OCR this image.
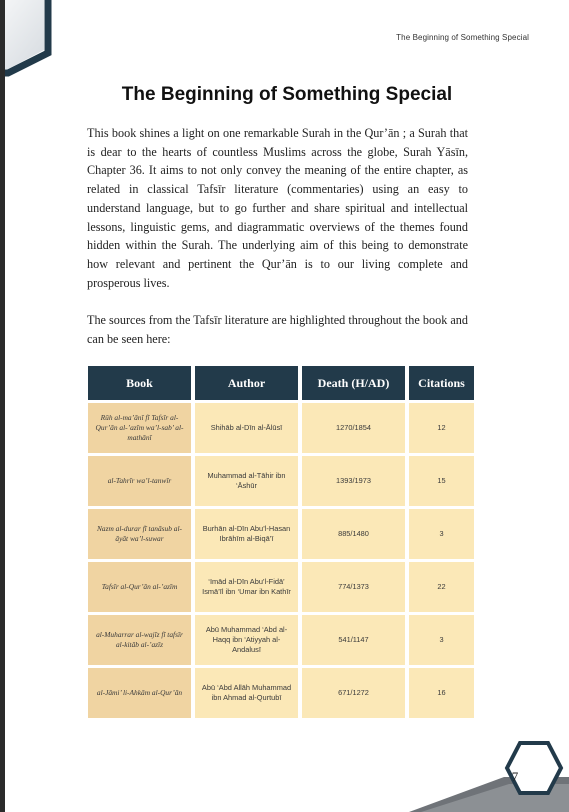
The Beginning of Something Special
The Beginning of Something Special

This book shines a light on one remarkable Surah in the Qur’ān ; a Surah that is dear to the hearts of countless Muslims across the globe, Surah Yāsīn, Chapter 36. It aims to not only convey the meaning of the entire chapter, as related in classical Tafsīr literature (commentaries) using an easy to understand language, but to go further and share spiritual and intellectual lessons, linguistic gems, and diagrammatic overviews of the themes found hidden within the Surah. The underlying aim of this being to demonstrate how relevant and pertinent the Qur’ān is to our living complete and prosperous lives.

The sources from the Tafsīr literature are highlighted throughout the book and can be seen here:

Book	Author	Death (H/AD)	Citations
Rūh al-ma’ānī fī Tafsīr al-Qur’ān al-’azīm wa’l-sab’ al-mathānī	Shihāb al-Dīn al-Ālūsī	1270/1854	12
al-Tahrīr wa’l-tanwīr	Muhammad al-Tāhir ibn ‘Āshūr	1393/1973	15
Nazm al-durar fī tanāsub al-āyāt wa’l-suwar	Burhān al-Dīn Abu’l-Hasan Ibrāhīm al-Biqā’ī	885/1480	3
Tafsīr al-Qur’ān al-’azīm	‘Imād al-Dīn Abu’l-Fidā’ Ismā’īl ibn ‘Umar ibn Kathīr	774/1373	22
al-Muharrar al-wajīz fī tafsīr al-kitāb al-’azīz	Abū Muhammad ‘Abd al-Haqq ibn ‘Atiyyah al-Andalusī	541/1147	3
al-Jāmi’ li-Ahkām al-Qur’ān	Abū ‘Abd Allāh Muhammad ibn Ahmad al-Qurtubī	671/1272	16
7
